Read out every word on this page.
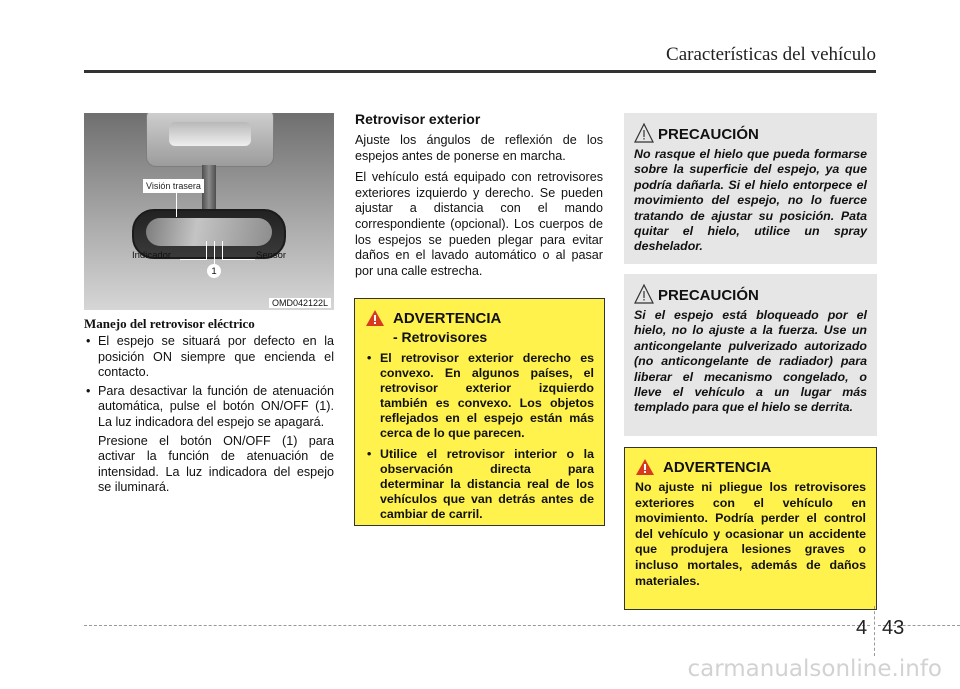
Características del vehículo
Visión trasera
Indicador	Sensor
1
OMD042122L
Manejo del retrovisor eléctrico
• El espejo se situará por defecto en la posición ON siempre que encienda el contacto.
• Para desactivar la función de atenuación automática, pulse el botón ON/OFF (1). La luz indicadora del espejo se apagará.

Presione el botón ON/OFF (1) para activar la función de atenuación de intensidad. La luz indicadora del espejo se iluminará.

Retrovisor exterior

Ajuste los ángulos de reflexión de los espejos antes de ponerse en marcha.

El vehículo está equipado con retrovisores exteriores izquierdo y derecho. Se pueden ajustar a distancia con el mando correspondiente (opcional). Los cuerpos de los espejos se pueden plegar para evitar daños en el lavado automático o al pasar por una calle estrecha.

ADVERTENCIA
- Retrovisores
• El retrovisor exterior derecho es convexo. En algunos países, el retrovisor exterior izquierdo también es convexo. Los objetos reflejados en el espejo están más cerca de lo que parecen.
• Utilice el retrovisor interior o la observación directa para determinar la distancia real de los vehículos que van detrás antes de cambiar de carril.
PRECAUCIÓN
No rasque el hielo que pueda formarse sobre la superficie del espejo, ya que podría dañarla. Si el hielo entorpece el movimiento del espejo, no lo fuerce tratando de ajustar su posición. Pata quitar el hielo, utilice un spray deshelador.
PRECAUCIÓN
Si el espejo está bloqueado por el hielo, no lo ajuste a la fuerza. Use un anticongelante pulverizado autorizado (no anticongelante de radiador) para liberar el mecanismo congelado, o lleve el vehículo a un lugar más templado para que el hielo se derrita.
ADVERTENCIA
No ajuste ni pliegue los retrovisores exteriores con el vehículo en movimiento. Podría perder el control del vehículo y ocasionar un accidente que produjera lesiones graves o incluso mortales, además de daños materiales.
4 43
carmanualsonline.info
